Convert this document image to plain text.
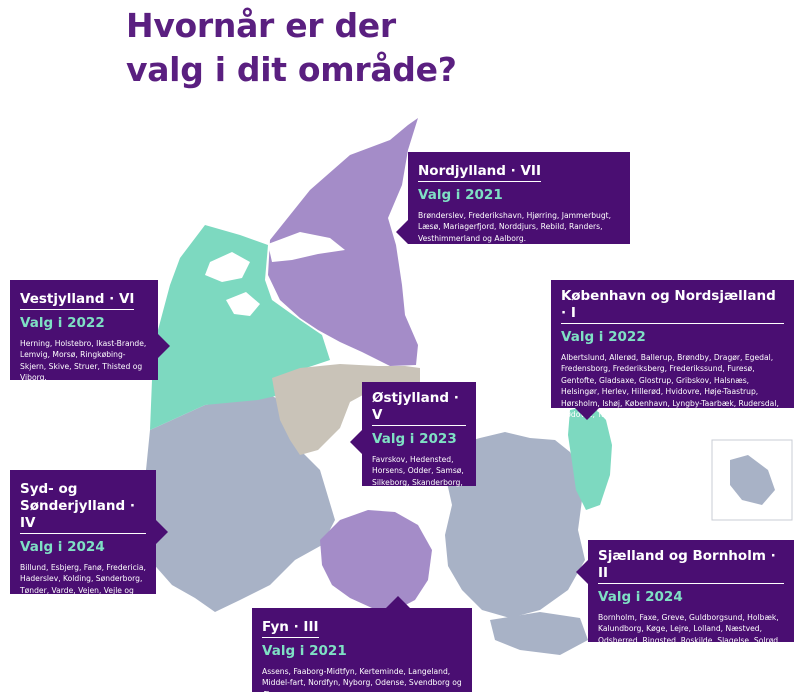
Hvornår er der
valg i dit område?
Nordjylland · VII
Valg i 2021
Brønderslev, Frederikshavn, Hjørring, Jammerbugt, Læsø, Mariagerfjord, Norddjurs, Rebild, Randers, Vesthimmerland og Aalborg.
Vestjylland · VI
Valg i 2022
Herning, Holstebro, Ikast-Brande, Lemvig, Morsø, Ringkøbing-Skjern, Skive, Struer, Thisted og Viborg.
København og Nordsjælland · I
Valg i 2022
Albertslund, Allerød, Ballerup, Brøndby, Dragør, Egedal, Fredensborg, Frederiksberg, Frederikssund, Furesø, Gentofte, Gladsaxe, Glostrup, Gribskov, Halsnæs, Helsingør, Herlev, Hillerød, Hvidovre, Høje-Taastrup, Hørsholm, Ishøj, København, Lyngby-Taarbæk, Rudersdal, Rødovre, Tårnby og Vallensbæk.
Østjylland · V
Valg i 2023
Favrskov, Hedensted, Horsens, Odder, Samsø, Silkeborg, Skanderborg, Syddjurs og Århus.
Syd- og
Sønderjylland · IV
Valg i 2024
Billund, Esbjerg, Fanø, Fredericia, Haderslev, Kolding, Sønderborg, Tønder, Varde, Vejen, Vejle og Aabenraa.
Sjælland og Bornholm · II
Valg i 2024
Bornholm, Faxe, Greve, Guldborgsund, Holbæk, Kalundborg, Køge, Lejre, Lolland, Næstved, Odsherred, Ringsted, Roskilde, Slagelse, Solrød, Sorø, Stevns og Vordingborg.
Fyn · III
Valg i 2021
Assens, Faaborg-Midtfyn, Kerteminde, Langeland, Middel-fart, Nordfyn, Nyborg, Odense, Svendborg og Ærø.
